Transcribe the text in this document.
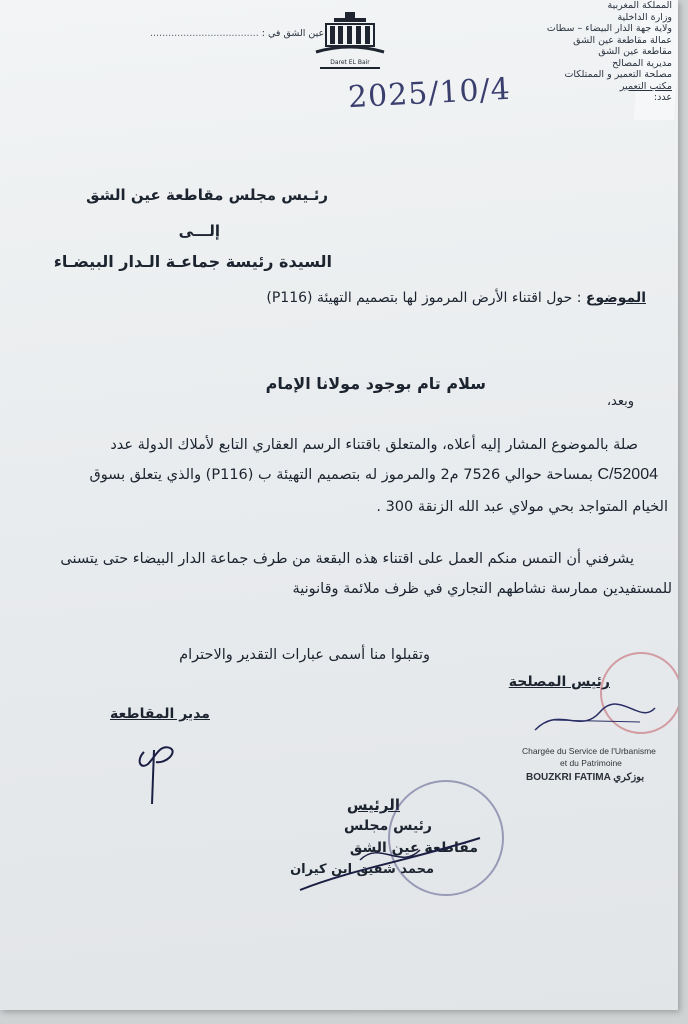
المملكة المغربية
وزارة الداخلية
ولاية جهة الدار البيضاء – سطات
عمالة مقاطعة عين الشق
مقاطعة عين الشق
مديرية المصالح
مصلحة التعمير و الممتلكات
مكتب التعمير
عدد:
عين الشق في : ....................................
Daret EL Bair
2025/10/4
رئـيس مجلس مقاطعة عين الشق
إلـــى
السيدة رئيسة جماعـة الـدار البيضـاء
الموضوع : حول اقتناء الأرض المرموز لها بتصميم التهيئة (P116)
سلام تام بوجود مولانا الإمام
وبعد،
صلة بالموضوع المشار إليه أعلاه، والمتعلق باقتناء الرسم العقاري التابع لأملاك الدولة عدد
C/52004 بمساحة حوالي 7526 م2 والمرموز له بتصميم التهيئة ب (P116) والذي يتعلق بسوق
الخيام المتواجد بحي مولاي عبد الله الزنقة 300 .
يشرفني أن التمس منكم العمل على اقتناء هذه البقعة من طرف جماعة الدار البيضاء حتى يتسنى
للمستفيدين ممارسة نشاطهم التجاري في ظرف ملائمة وقانونية
وتقبلوا منا أسمى عبارات التقدير والاحترام
رئيس المصلحة
Chargée du Service de l'Urbanisme
et du Patrimoine
BOUZKRI FATIMA بوزكري
مدير المقاطعة
الرئيس
رئيس مجلس
مقاطعة عين الشق
محمد شفيق ابن كيران
